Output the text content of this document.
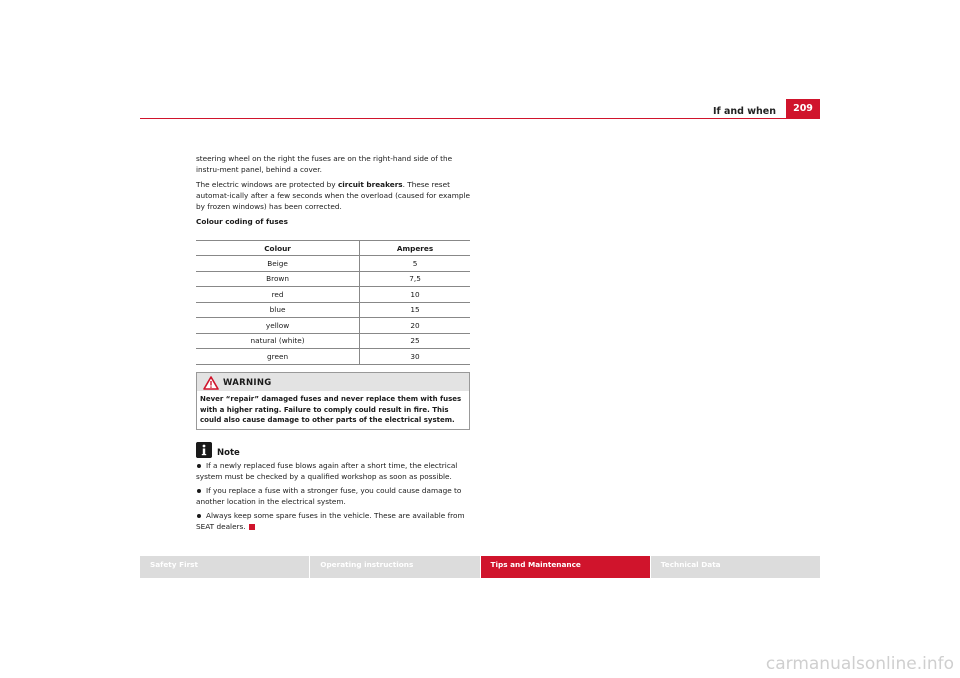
If and when	209

steering wheel on the right the fuses are on the right-hand side of the instru-ment panel, behind a cover.

The electric windows are protected by circuit breakers. These reset automat-ically after a few seconds when the overload (caused for example by frozen windows) has been corrected.

Colour coding of fuses

Colour	Amperes
Beige	5
Brown	7,5
red	10
blue	15
yellow	20
natural (white)	25
green	30
WARNING
Never “repair” damaged fuses and never replace them with fuses with a higher rating. Failure to comply could result in fire. This could also cause damage to other parts of the electrical system.
Note
If a newly replaced fuse blows again after a short time, the electrical system must be checked by a qualified workshop as soon as possible.
If you replace a fuse with a stronger fuse, you could cause damage to another location in the electrical system.
Always keep some spare fuses in the vehicle. These are available from SEAT dealers.
Safety First	Operating instructions	Tips and Maintenance	Technical Data
carmanualsonline.info
